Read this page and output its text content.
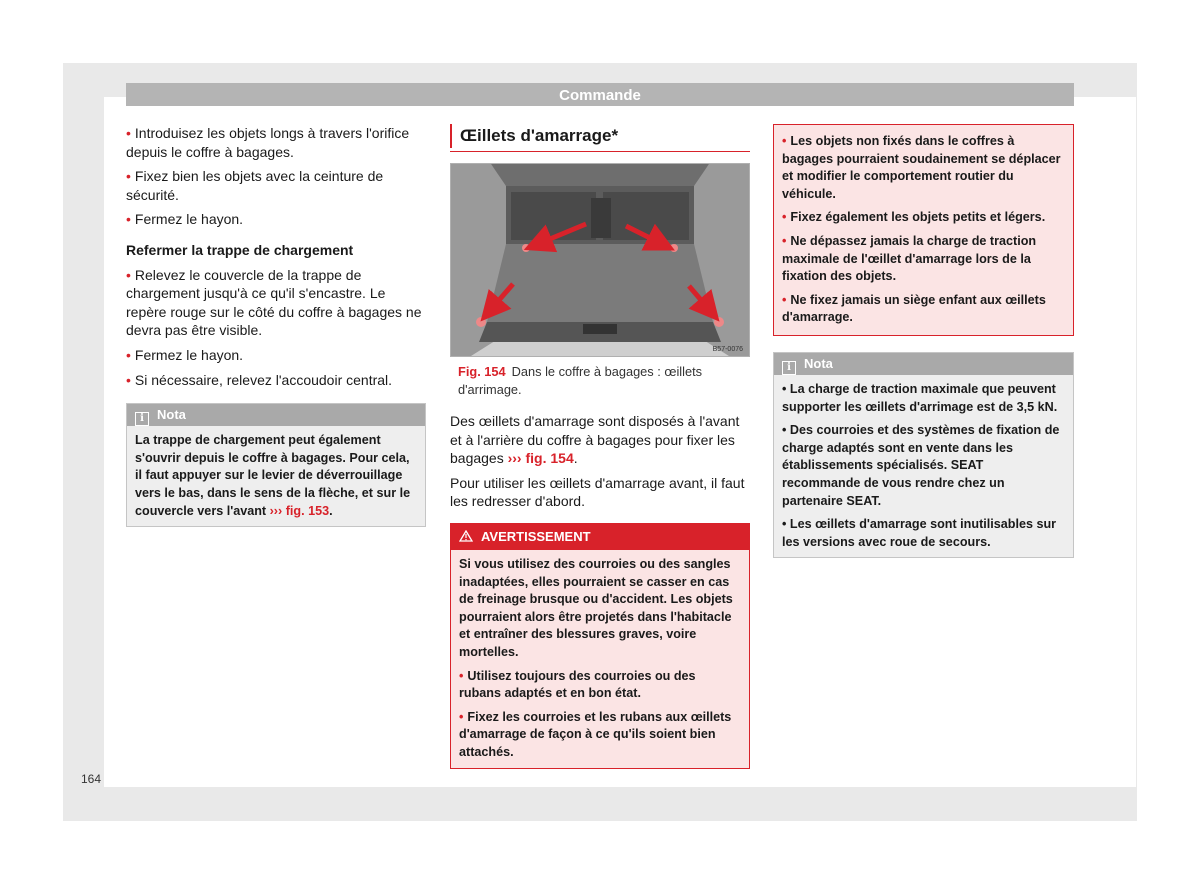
Commande

• Introduisez les objets longs à travers l'orifice depuis le coffre à bagages.

• Fixez bien les objets avec la ceinture de sécurité.

• Fermez le hayon.

Refermer la trappe de chargement

• Relevez le couvercle de la trappe de chargement jusqu'à ce qu'il s'encastre. Le repère rouge sur le côté du coffre à bagages ne devra pas être visible.

• Fermez le hayon.

• Si nécessaire, relevez l'accoudoir central.

i Nota

La trappe de chargement peut également s'ouvrir depuis le coffre à bagages. Pour cela, il faut appuyer sur le levier de déverrouillage vers le bas, dans le sens de la flèche, et sur le couvercle vers l'avant ››› fig. 153.

Œillets d'amarrage*
B57-0076

Fig. 154 Dans le coffre à bagages : œillets d'arrimage.

Des œillets d'amarrage sont disposés à l'avant et à l'arrière du coffre à bagages pour fixer les bagages ››› fig. 154.

Pour utiliser les œillets d'amarrage avant, il faut les redresser d'abord.

AVERTISSEMENT

Si vous utilisez des courroies ou des sangles inadaptées, elles pourraient se casser en cas de freinage brusque ou d'accident. Les objets pourraient alors être projetés dans l'habitacle et entraîner des blessures graves, voire mortelles.

• Utilisez toujours des courroies ou des rubans adaptés et en bon état.

• Fixez les courroies et les rubans aux œillets d'amarrage de façon à ce qu'ils soient bien attachés.

• Les objets non fixés dans le coffres à bagages pourraient soudainement se déplacer et modifier le comportement routier du véhicule.

• Fixez également les objets petits et légers.

• Ne dépassez jamais la charge de traction maximale de l'œillet d'amarrage lors de la fixation des objets.

• Ne fixez jamais un siège enfant aux œillets d'amarrage.

i Nota

• La charge de traction maximale que peuvent supporter les œillets d'arrimage est de 3,5 kN.

• Des courroies et des systèmes de fixation de charge adaptés sont en vente dans les établissements spécialisés. SEAT recommande de vous rendre chez un partenaire SEAT.

• Les œillets d'amarrage sont inutilisables sur les versions avec roue de secours.

164
